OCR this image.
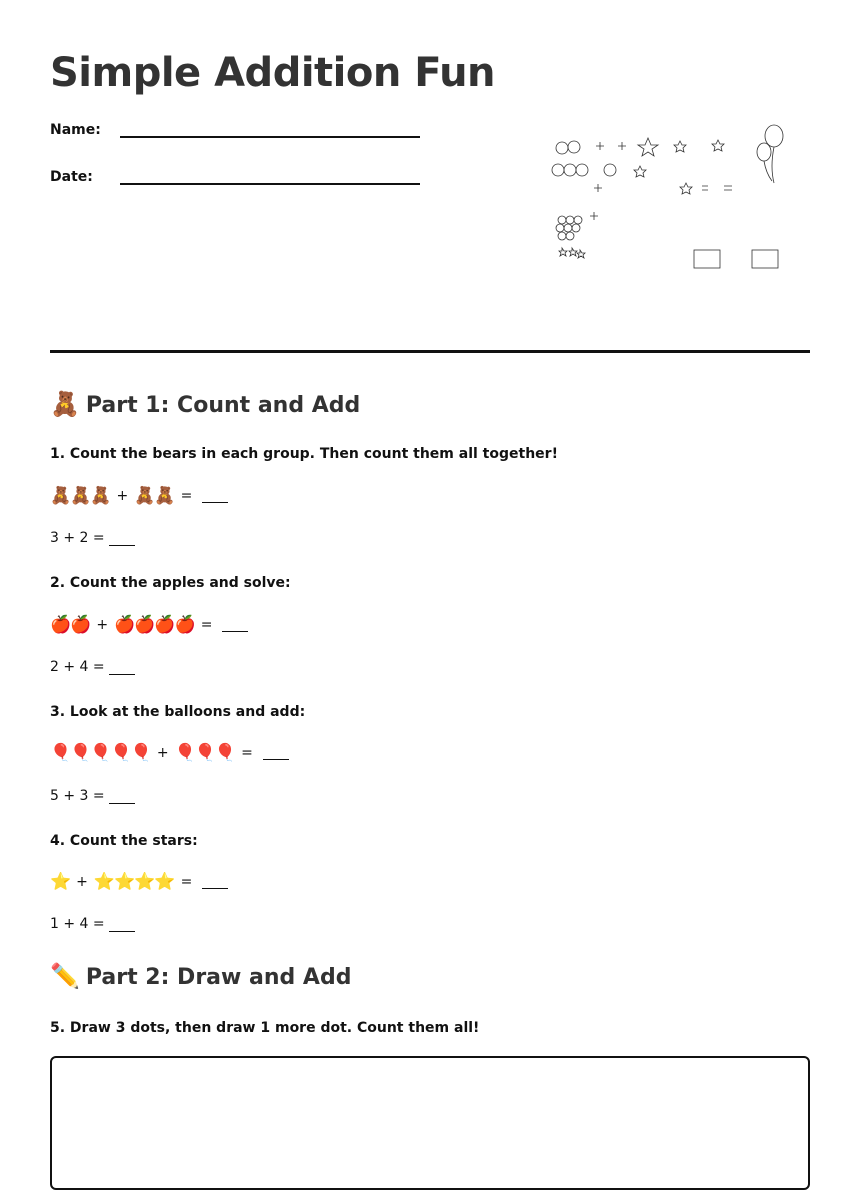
Simple Addition Fun
Name:
Date:
🧸 Part 1: Count and Add
1. Count the bears in each group. Then count them all together!
🧸🧸🧸 + 🧸🧸 =
3 + 2 =
2. Count the apples and solve:
🍎🍎 + 🍎🍎🍎🍎 =
2 + 4 =
3. Look at the balloons and add:
🎈🎈🎈🎈🎈 + 🎈🎈🎈 =
5 + 3 =
4. Count the stars:
⭐ + ⭐⭐⭐⭐ =
1 + 4 =
✏️ Part 2: Draw and Add
5. Draw 3 dots, then draw 1 more dot. Count them all!
